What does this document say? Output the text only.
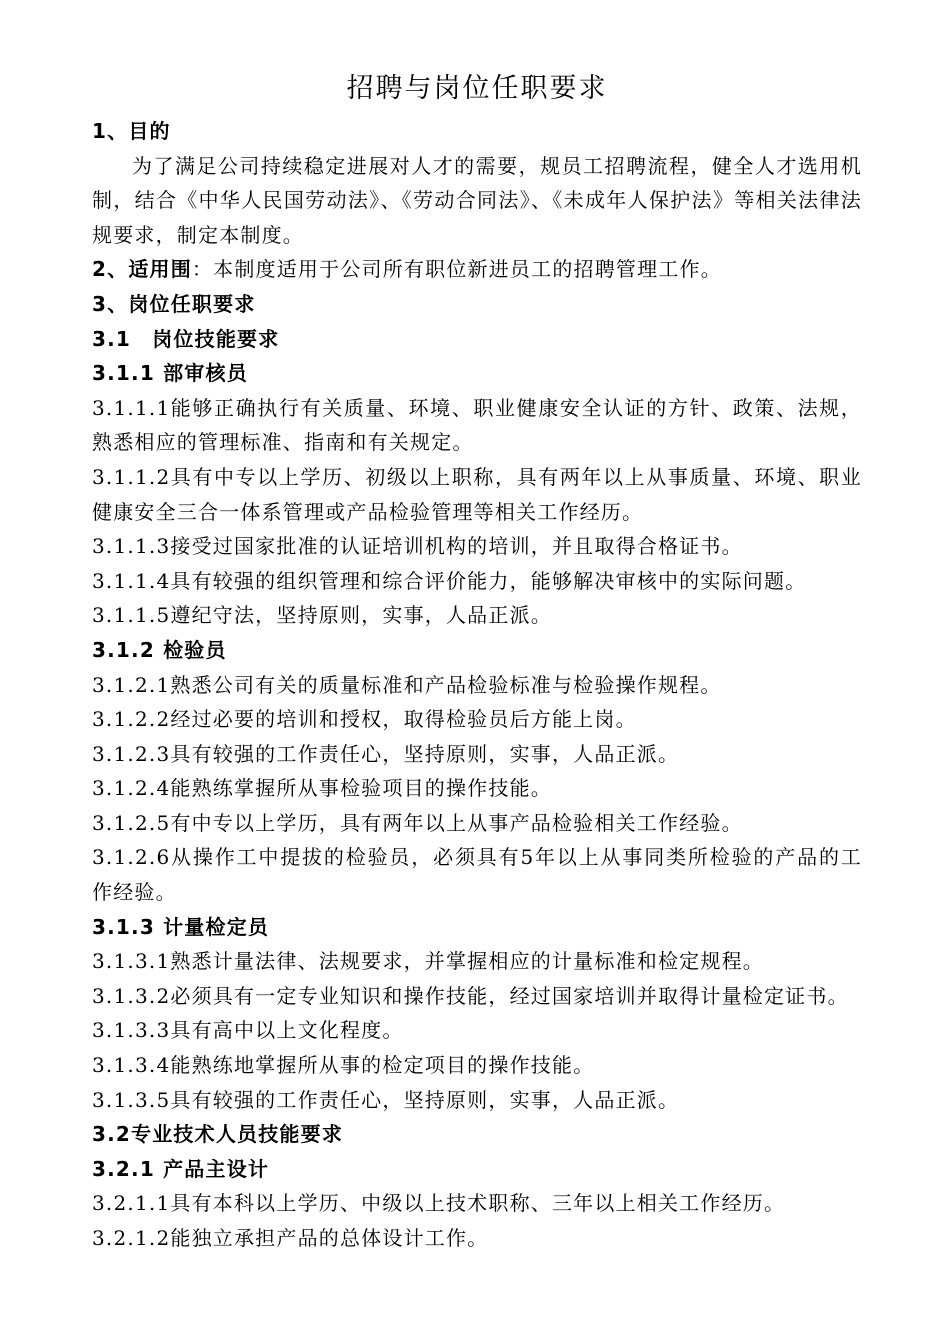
招聘与岗位任职要求

1、目的

为了满足公司持续稳定进展对人才的需要，规员工招聘流程，健全人才选用机制，结合《中华人民国劳动法》、《劳动合同法》、《未成年人保护法》等相关法律法规要求，制定本制度。

2、适用围：本制度适用于公司所有职位新进员工的招聘管理工作。

3、岗位任职要求

3.1　岗位技能要求

3.1.1 部审核员

3.1.1.1能够正确执行有关质量、环境、职业健康安全认证的方针、政策、法规，熟悉相应的管理标准、指南和有关规定。

3.1.1.2具有中专以上学历、初级以上职称，具有两年以上从事质量、环境、职业健康安全三合一体系管理或产品检验管理等相关工作经历。

3.1.1.3接受过国家批准的认证培训机构的培训，并且取得合格证书。

3.1.1.4具有较强的组织管理和综合评价能力，能够解决审核中的实际问题。

3.1.1.5遵纪守法，坚持原则，实事，人品正派。

3.1.2 检验员

3.1.2.1熟悉公司有关的质量标准和产品检验标准与检验操作规程。

3.1.2.2经过必要的培训和授权，取得检验员后方能上岗。

3.1.2.3具有较强的工作责任心，坚持原则，实事，人品正派。

3.1.2.4能熟练掌握所从事检验项目的操作技能。

3.1.2.5有中专以上学历，具有两年以上从事产品检验相关工作经验。

3.1.2.6从操作工中提拔的检验员，必须具有5年以上从事同类所检验的产品的工作经验。

3.1.3 计量检定员

3.1.3.1熟悉计量法律、法规要求，并掌握相应的计量标准和检定规程。

3.1.3.2必须具有一定专业知识和操作技能，经过国家培训并取得计量检定证书。

3.1.3.3具有高中以上文化程度。

3.1.3.4能熟练地掌握所从事的检定项目的操作技能。

3.1.3.5具有较强的工作责任心，坚持原则，实事，人品正派。

3.2专业技术人员技能要求

3.2.1 产品主设计

3.2.1.1具有本科以上学历、中级以上技术职称、三年以上相关工作经历。

3.2.1.2能独立承担产品的总体设计工作。
